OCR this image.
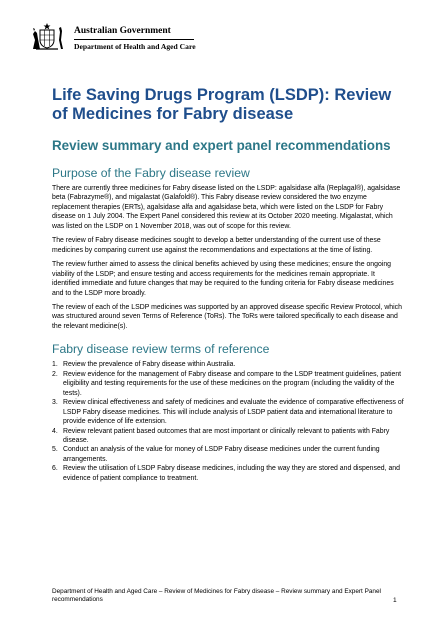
Australian Government
Department of Health and Aged Care
Life Saving Drugs Program (LSDP): Review of Medicines for Fabry disease
Review summary and expert panel recommendations
Purpose of the Fabry disease review

There are currently three medicines for Fabry disease listed on the LSDP: agalsidase alfa (Replagal®), agalsidase beta (Fabrazyme®), and migalastat (Galafold®). This Fabry disease review considered the two enzyme replacement therapies (ERTs), agalsidase alfa and agalsidase beta, which were listed on the LSDP for Fabry disease on 1 July 2004. The Expert Panel considered this review at its October 2020 meeting. Migalastat, which was listed on the LSDP on 1 November 2018, was out of scope for this review.

The review of Fabry disease medicines sought to develop a better understanding of the current use of these medicines by comparing current use against the recommendations and expectations at the time of listing.

The review further aimed to assess the clinical benefits achieved by using these medicines; ensure the ongoing viability of the LSDP; and ensure testing and access requirements for the medicines remain appropriate. It identified immediate and future changes that may be required to the funding criteria for Fabry disease medicines and to the LSDP more broadly.

The review of each of the LSDP medicines was supported by an approved disease specific Review Protocol, which was structured around seven Terms of Reference (ToRs). The ToRs were tailored specifically to each disease and the relevant medicine(s).

Fabry disease review terms of reference
1. Review the prevalence of Fabry disease within Australia.
2. Review evidence for the management of Fabry disease and compare to the LSDP treatment guidelines, patient eligibility and testing requirements for the use of these medicines on the program (including the validity of the tests).
3. Review clinical effectiveness and safety of medicines and evaluate the evidence of comparative effectiveness of LSDP Fabry disease medicines. This will include analysis of LSDP patient data and international literature to provide evidence of life extension.
4. Review relevant patient based outcomes that are most important or clinically relevant to patients with Fabry disease.
5. Conduct an analysis of the value for money of LSDP Fabry disease medicines under the current funding arrangements.
6. Review the utilisation of LSDP Fabry disease medicines, including the way they are stored and dispensed, and evidence of patient compliance to treatment.
Department of Health and Aged Care – Review of Medicines for Fabry disease – Review summary and Expert Panel recommendations	1
